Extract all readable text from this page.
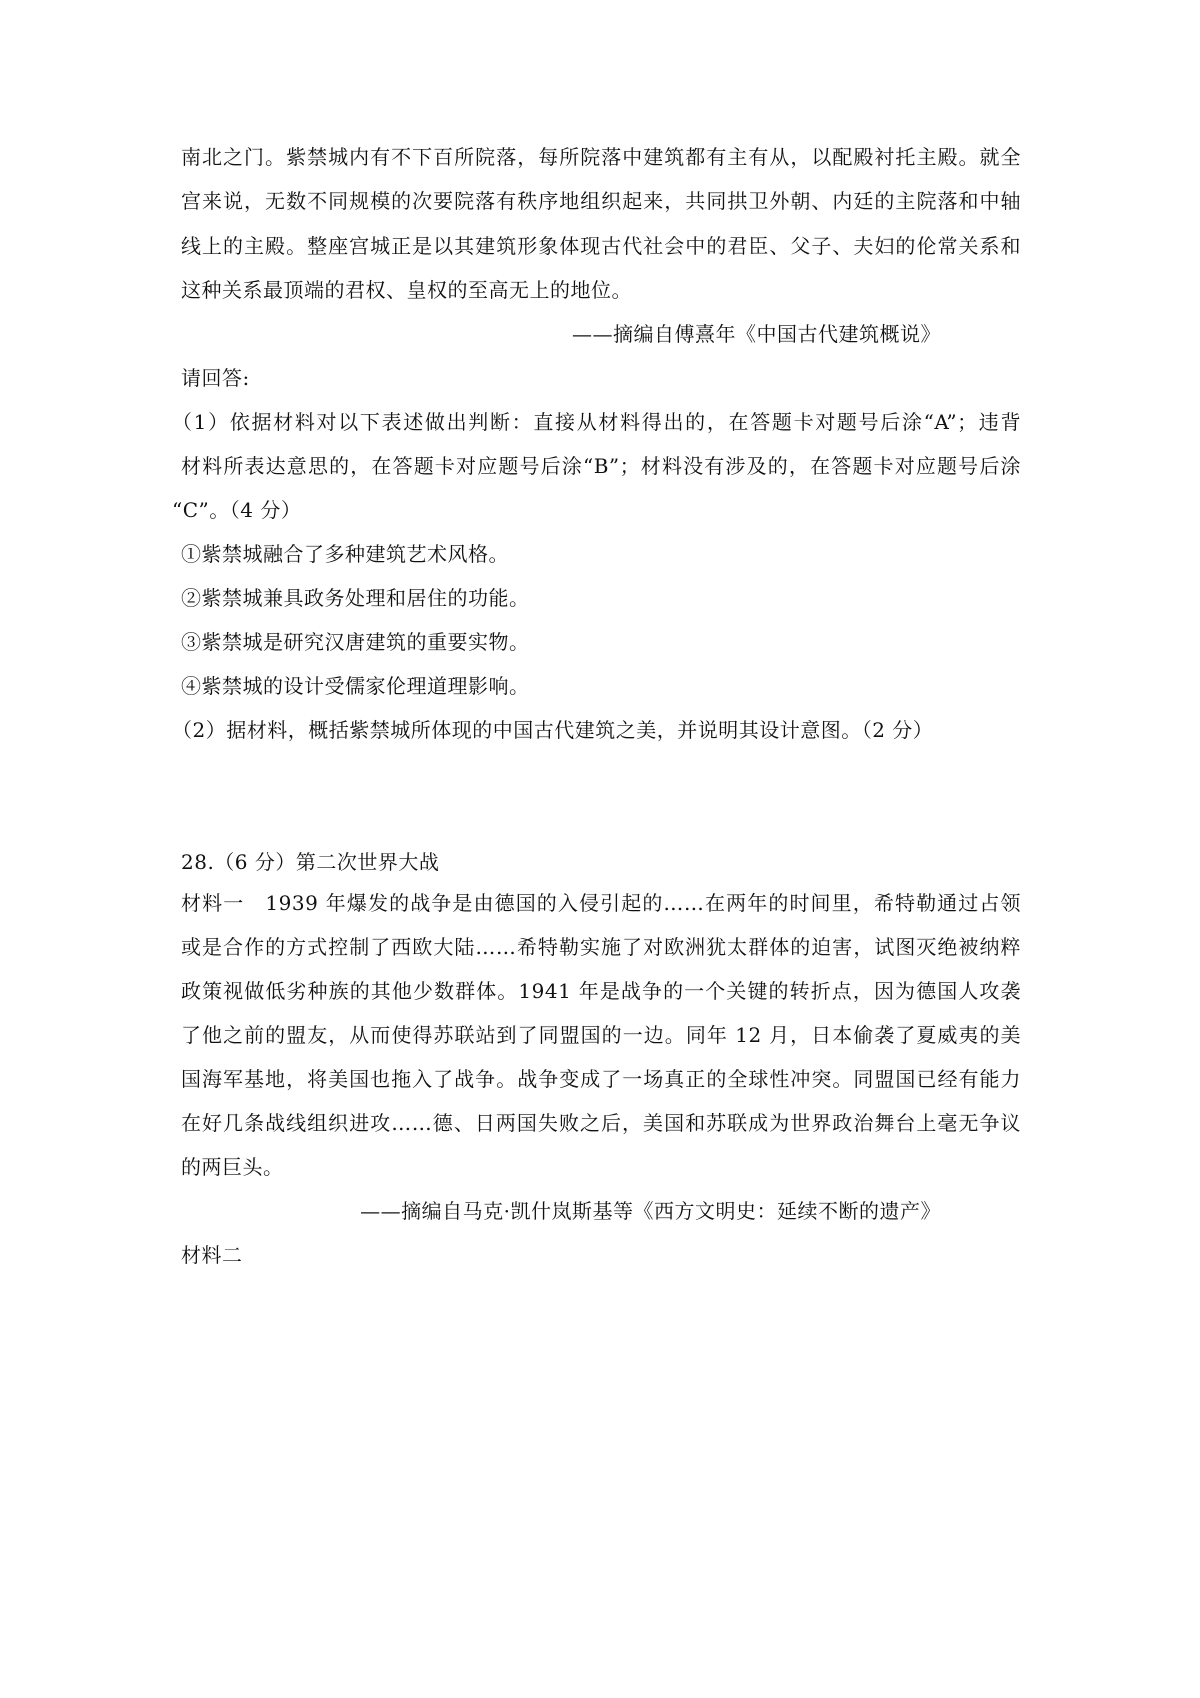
南北之门。紫禁城内有不下百所院落，每所院落中建筑都有主有从，以配殿衬托主殿。就全
宫来说，无数不同规模的次要院落有秩序地组织起来，共同拱卫外朝、内廷的主院落和中轴
线上的主殿。整座宫城正是以其建筑形象体现古代社会中的君臣、父子、夫妇的伦常关系和
这种关系最顶端的君权、皇权的至高无上的地位。
——摘编自傅熹年《中国古代建筑概说》
请回答:
（1）依据材料对以下表述做出判断：直接从材料得出的，在答题卡对题号后涂“A”；违背
材料所表达意思的，在答题卡对应题号后涂“B”；材料没有涉及的，在答题卡对应题号后涂
“C”。（4 分）
①紫禁城融合了多种建筑艺术风格。
②紫禁城兼具政务处理和居住的功能。
③紫禁城是研究汉唐建筑的重要实物。
④紫禁城的设计受儒家伦理道理影响。
（2）据材料，概括紫禁城所体现的中国古代建筑之美，并说明其设计意图。（2 分）
28.（6 分）第二次世界大战
材料一　1939 年爆发的战争是由德国的入侵引起的……在两年的时间里，希特勒通过占领
或是合作的方式控制了西欧大陆……希特勒实施了对欧洲犹太群体的迫害，试图灭绝被纳粹
政策视做低劣种族的其他少数群体。1941 年是战争的一个关键的转折点，因为德国人攻袭
了他之前的盟友，从而使得苏联站到了同盟国的一边。同年 12 月，日本偷袭了夏威夷的美
国海军基地，将美国也拖入了战争。战争变成了一场真正的全球性冲突。同盟国已经有能力
在好几条战线组织进攻……德、日两国失败之后，美国和苏联成为世界政治舞台上毫无争议
的两巨头。
——摘编自马克·凯什岚斯基等《西方文明史：延续不断的遗产》
材料二
